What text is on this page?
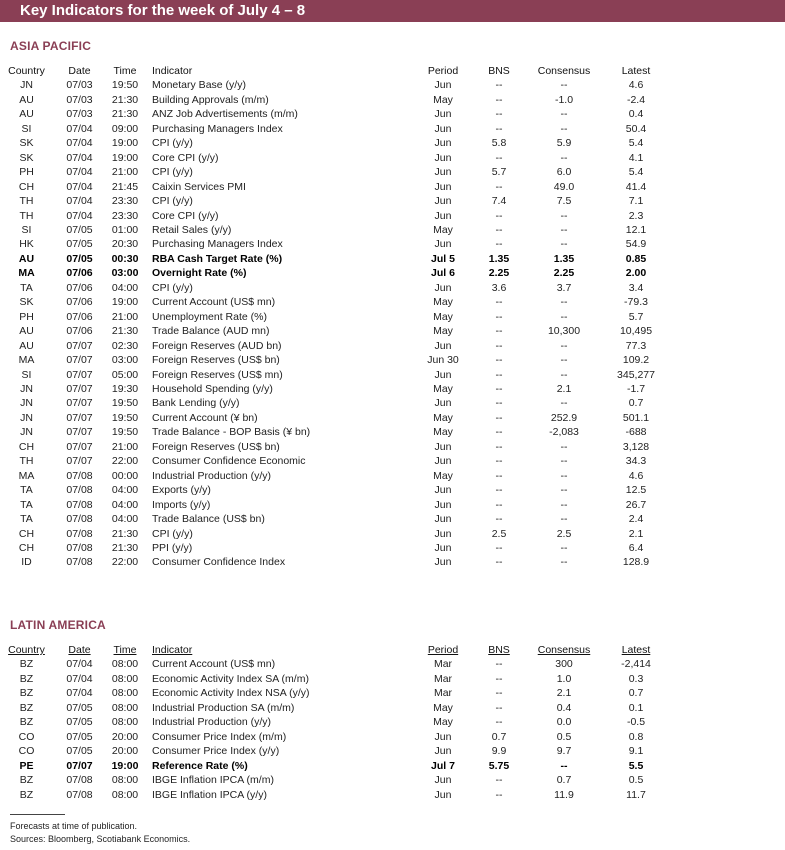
Key Indicators for the week of July 4 – 8
ASIA PACIFIC
Country	Date	Time	Indicator	Period	BNS	Consensus	Latest
JN	07/03	19:50	Monetary Base (y/y)	Jun	--	--	4.6
AU	07/03	21:30	Building Approvals (m/m)	May	--	-1.0	-2.4
AU	07/03	21:30	ANZ Job Advertisements (m/m)	Jun	--	--	0.4
SI	07/04	09:00	Purchasing Managers Index	Jun	--	--	50.4
SK	07/04	19:00	CPI (y/y)	Jun	5.8	5.9	5.4
SK	07/04	19:00	Core CPI (y/y)	Jun	--	--	4.1
PH	07/04	21:00	CPI (y/y)	Jun	5.7	6.0	5.4
CH	07/04	21:45	Caixin Services PMI	Jun	--	49.0	41.4
TH	07/04	23:30	CPI (y/y)	Jun	7.4	7.5	7.1
TH	07/04	23:30	Core CPI (y/y)	Jun	--	--	2.3
SI	07/05	01:00	Retail Sales (y/y)	May	--	--	12.1
HK	07/05	20:30	Purchasing Managers Index	Jun	--	--	54.9
AU	07/05	00:30	RBA Cash Target Rate (%)	Jul 5	1.35	1.35	0.85
MA	07/06	03:00	Overnight Rate (%)	Jul 6	2.25	2.25	2.00
TA	07/06	04:00	CPI (y/y)	Jun	3.6	3.7	3.4
SK	07/06	19:00	Current Account (US$ mn)	May	--	--	-79.3
PH	07/06	21:00	Unemployment Rate (%)	May	--	--	5.7
AU	07/06	21:30	Trade Balance (AUD mn)	May	--	10,300	10,495
AU	07/07	02:30	Foreign Reserves (AUD bn)	Jun	--	--	77.3
MA	07/07	03:00	Foreign Reserves (US$ bn)	Jun 30	--	--	109.2
SI	07/07	05:00	Foreign Reserves (US$ mn)	Jun	--	--	345,277
JN	07/07	19:30	Household Spending (y/y)	May	--	2.1	-1.7
JN	07/07	19:50	Bank Lending (y/y)	Jun	--	--	0.7
JN	07/07	19:50	Current Account (¥ bn)	May	--	252.9	501.1
JN	07/07	19:50	Trade Balance - BOP Basis (¥ bn)	May	--	-2,083	-688
CH	07/07	21:00	Foreign Reserves (US$ bn)	Jun	--	--	3,128
TH	07/07	22:00	Consumer Confidence Economic	Jun	--	--	34.3
MA	07/08	00:00	Industrial Production (y/y)	May	--	--	4.6
TA	07/08	04:00	Exports (y/y)	Jun	--	--	12.5
TA	07/08	04:00	Imports (y/y)	Jun	--	--	26.7
TA	07/08	04:00	Trade Balance (US$ bn)	Jun	--	--	2.4
CH	07/08	21:30	CPI (y/y)	Jun	2.5	2.5	2.1
CH	07/08	21:30	PPI (y/y)	Jun	--	--	6.4
ID	07/08	22:00	Consumer Confidence Index	Jun	--	--	128.9
LATIN AMERICA
Country	Date	Time	Indicator	Period	BNS	Consensus	Latest
BZ	07/04	08:00	Current Account (US$ mn)	Mar	--	300	-2,414
BZ	07/04	08:00	Economic Activity Index SA (m/m)	Mar	--	1.0	0.3
BZ	07/04	08:00	Economic Activity Index NSA (y/y)	Mar	--	2.1	0.7
BZ	07/05	08:00	Industrial Production SA (m/m)	May	--	0.4	0.1
BZ	07/05	08:00	Industrial Production (y/y)	May	--	0.0	-0.5
CO	07/05	20:00	Consumer Price Index (m/m)	Jun	0.7	0.5	0.8
CO	07/05	20:00	Consumer Price Index (y/y)	Jun	9.9	9.7	9.1
PE	07/07	19:00	Reference Rate (%)	Jul 7	5.75	--	5.5
BZ	07/08	08:00	IBGE Inflation IPCA (m/m)	Jun	--	0.7	0.5
BZ	07/08	08:00	IBGE Inflation IPCA (y/y)	Jun	--	11.9	11.7
Forecasts at time of publication.
Sources: Bloomberg, Scotiabank Economics.
